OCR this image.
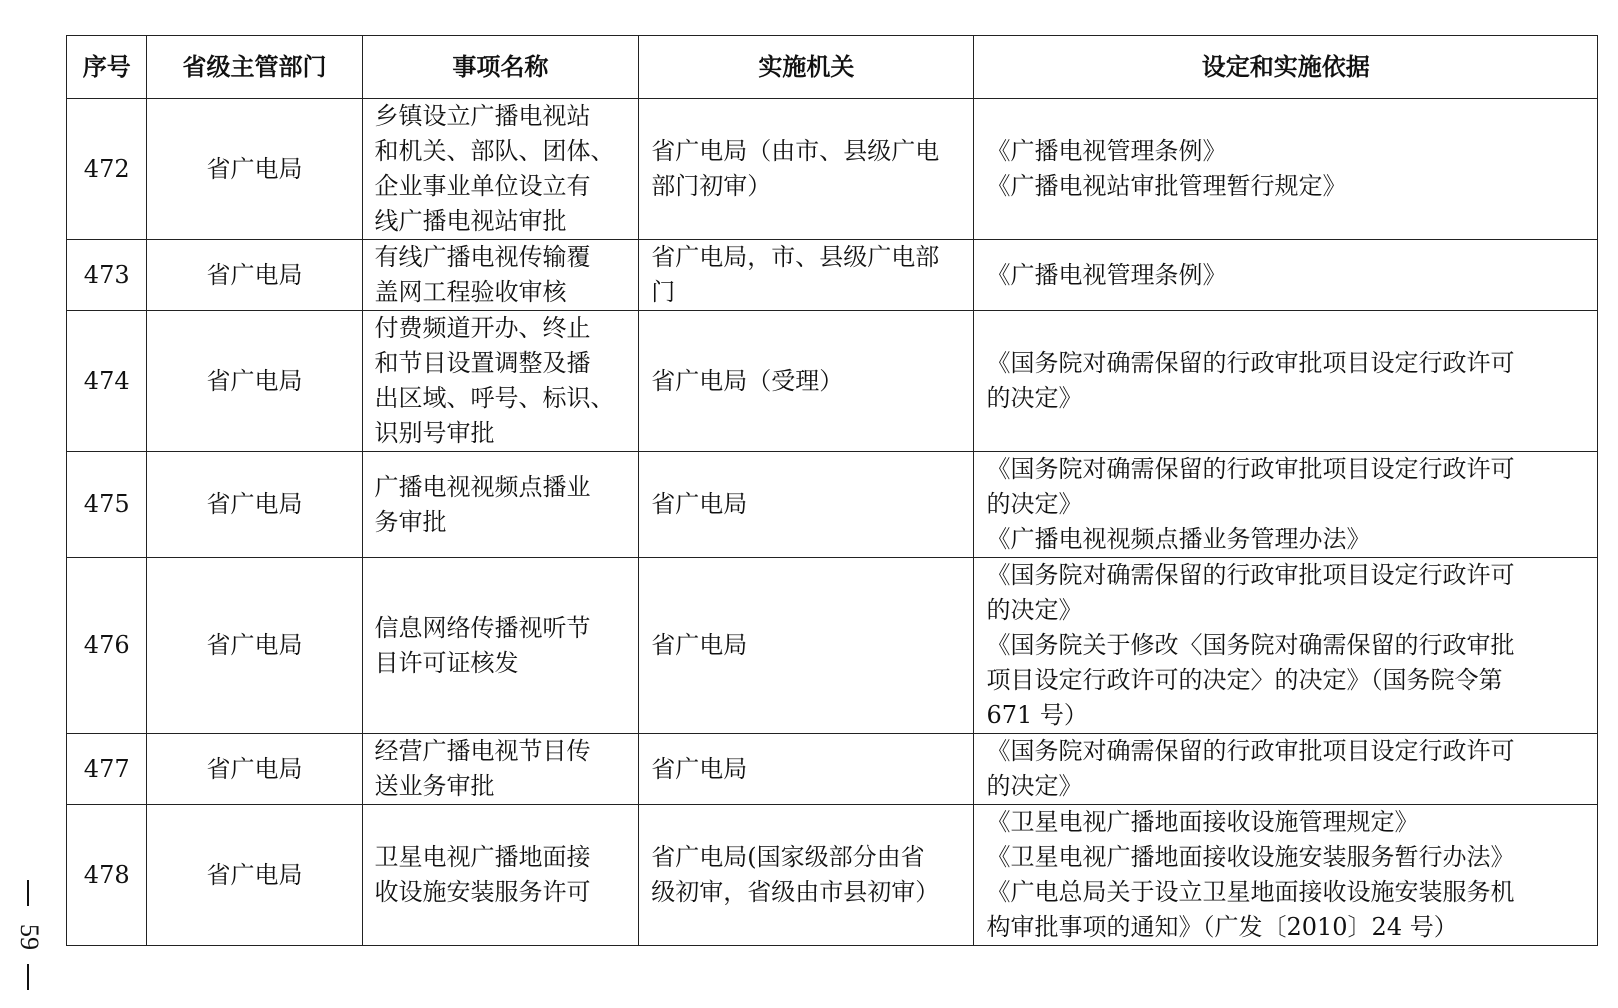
序号	省级主管部门	事项名称	实施机关	设定和实施依据
472	省广电局	乡镇设立广播电视站
和机关、部队、团体、
企业事业单位设立有
线广播电视站审批	省广电局（由市、县级广电
部门初审）	《广播电视管理条例》
《广播电视站审批管理暂行规定》

473	省广电局	有线广播电视传输覆
盖网工程验收审核	省广电局，市、县级广电部
门	《广播电视管理条例》

474	省广电局	付费频道开办、终止
和节目设置调整及播
出区域、呼号、标识、
识别号审批	省广电局（受理）	《国务院对确需保留的行政审批项目设定行政许可
的决定》

475	省广电局	广播电视视频点播业
务审批	省广电局	《国务院对确需保留的行政审批项目设定行政许可
的决定》
《广播电视视频点播业务管理办法》

476	省广电局	信息网络传播视听节
目许可证核发	省广电局	《国务院对确需保留的行政审批项目设定行政许可
的决定》
《国务院关于修改〈国务院对确需保留的行政审批
项目设定行政许可的决定〉的决定》（国务院令第
671 号）

477	省广电局	经营广播电视节目传
送业务审批	省广电局	《国务院对确需保留的行政审批项目设定行政许可
的决定》

478	省广电局	卫星电视广播地面接
收设施安装服务许可	省广电局(国家级部分由省
级初审，省级由市县初审）	《卫星电视广播地面接收设施管理规定》
《卫星电视广播地面接收设施安装服务暂行办法》
《广电总局关于设立卫星地面接收设施安装服务机
构审批事项的通知》（广发〔2010〕24 号）
59
